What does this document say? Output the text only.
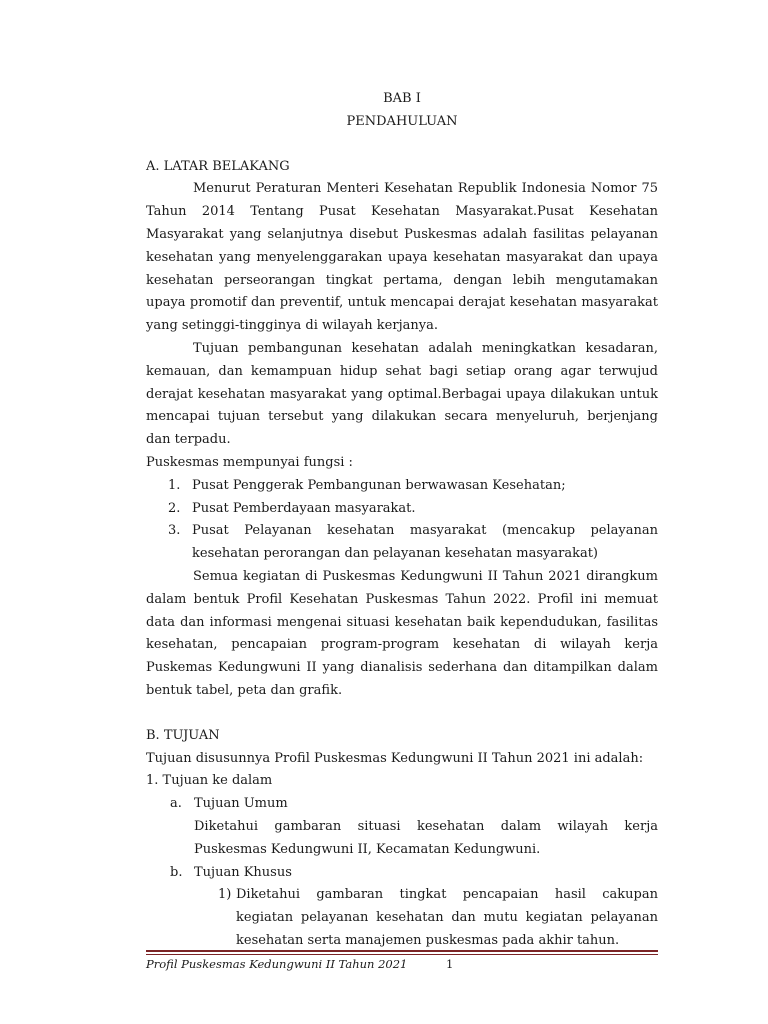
BAB I

PENDAHULUAN

A. LATAR BELAKANG

Menurut Peraturan Menteri Kesehatan Republik Indonesia Nomor 75 Tahun 2014 Tentang Pusat Kesehatan Masyarakat.Pusat Kesehatan Masyarakat yang selanjutnya disebut Puskesmas adalah fasilitas pelayanan kesehatan yang menyelenggarakan upaya kesehatan masyarakat dan upaya kesehatan perseorangan tingkat pertama, dengan lebih mengutamakan upaya promotif dan preventif, untuk mencapai derajat kesehatan masyarakat yang setinggi-tingginya di wilayah kerjanya.

Tujuan pembangunan kesehatan adalah meningkatkan kesadaran, kemauan, dan kemampuan hidup sehat bagi setiap orang agar terwujud derajat kesehatan masyarakat yang optimal.Berbagai upaya dilakukan untuk mencapai tujuan tersebut yang dilakukan secara menyeluruh, berjenjang dan terpadu.

Puskesmas mempunyai fungsi :

1. Pusat Penggerak Pembangunan berwawasan Kesehatan;
2. Pusat Pemberdayaan masyarakat.
3. Pusat Pelayanan kesehatan masyarakat (mencakup pelayanan kesehatan perorangan dan pelayanan kesehatan masyarakat)

Semua kegiatan di Puskesmas Kedungwuni II Tahun 2021 dirangkum dalam bentuk Profil Kesehatan Puskesmas Tahun 2022. Profil ini memuat data dan informasi mengenai situasi kesehatan baik kependudukan, fasilitas kesehatan, pencapaian program-program kesehatan di wilayah kerja Puskemas Kedungwuni II yang dianalisis sederhana dan ditampilkan dalam bentuk tabel, peta dan grafik.

B. TUJUAN

Tujuan disusunnya Profil Puskesmas Kedungwuni II Tahun 2021 ini adalah:

1. Tujuan ke dalam

a. Tujuan Umum

Diketahui gambaran situasi kesehatan dalam wilayah kerja Puskesmas Kedungwuni II, Kecamatan Kedungwuni.

b. Tujuan Khusus

1) Diketahui gambaran tingkat pencapaian hasil cakupan kegiatan pelayanan kesehatan dan mutu kegiatan pelayanan kesehatan serta manajemen puskesmas pada akhir tahun.
Profil Puskesmas Kedungwuni II Tahun 2021	1
